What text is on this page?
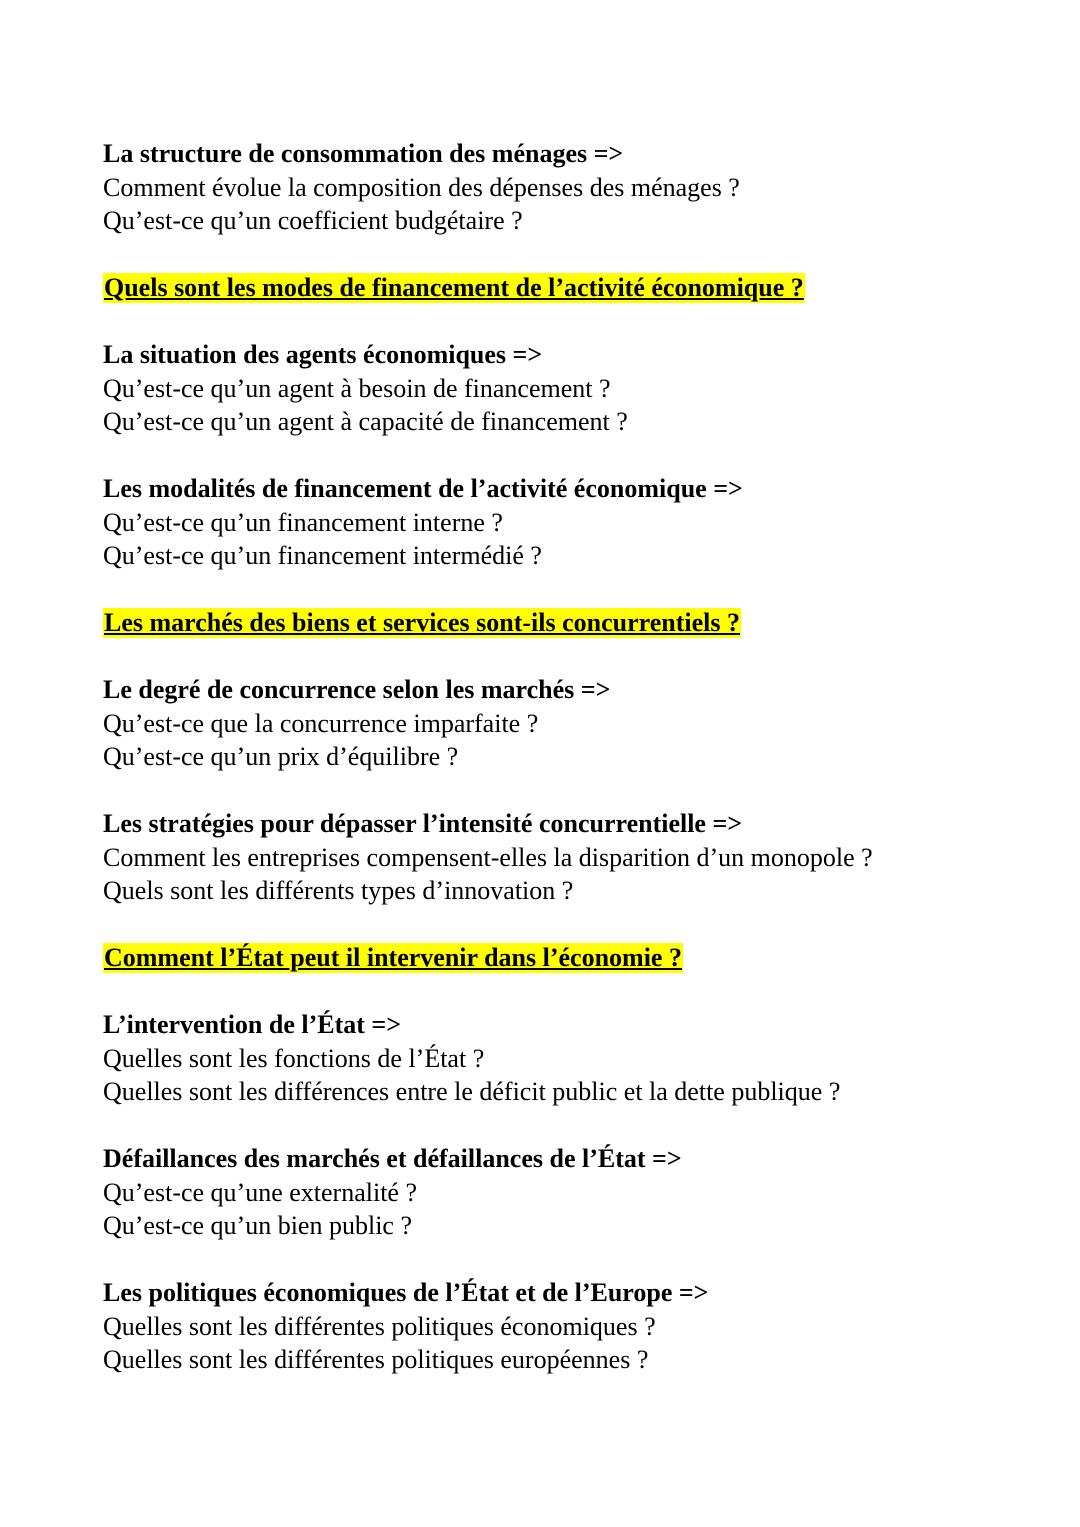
La structure de consommation des ménages =>
Comment évolue la composition des dépenses des ménages ?
Qu’est-ce qu’un coefficient budgétaire ?
Quels sont les modes de financement de l’activité économique ?
La situation des agents économiques =>
Qu’est-ce qu’un agent à besoin de financement ?
Qu’est-ce qu’un agent à capacité de financement ?
Les modalités de financement de l’activité économique =>
Qu’est-ce qu’un financement interne ?
Qu’est-ce qu’un financement intermédié ?
Les marchés des biens et services sont-ils concurrentiels ?
Le degré de concurrence selon les marchés =>
Qu’est-ce que la concurrence imparfaite ?
Qu’est-ce qu’un prix d’équilibre ?
Les stratégies pour dépasser l’intensité concurrentielle =>
Comment les entreprises compensent-elles la disparition d’un monopole ?
Quels sont les différents types d’innovation ?
Comment l’État peut il intervenir dans l’économie ?
L’intervention de l’État =>
Quelles sont les fonctions de l’État ?
Quelles sont les différences entre le déficit public et la dette publique ?
Défaillances des marchés et défaillances de l’État =>
Qu’est-ce qu’une externalité ?
Qu’est-ce qu’un bien public ?
Les politiques économiques de l’État et de l’Europe =>
Quelles sont les différentes politiques économiques ?
Quelles sont les différentes politiques européennes ?
